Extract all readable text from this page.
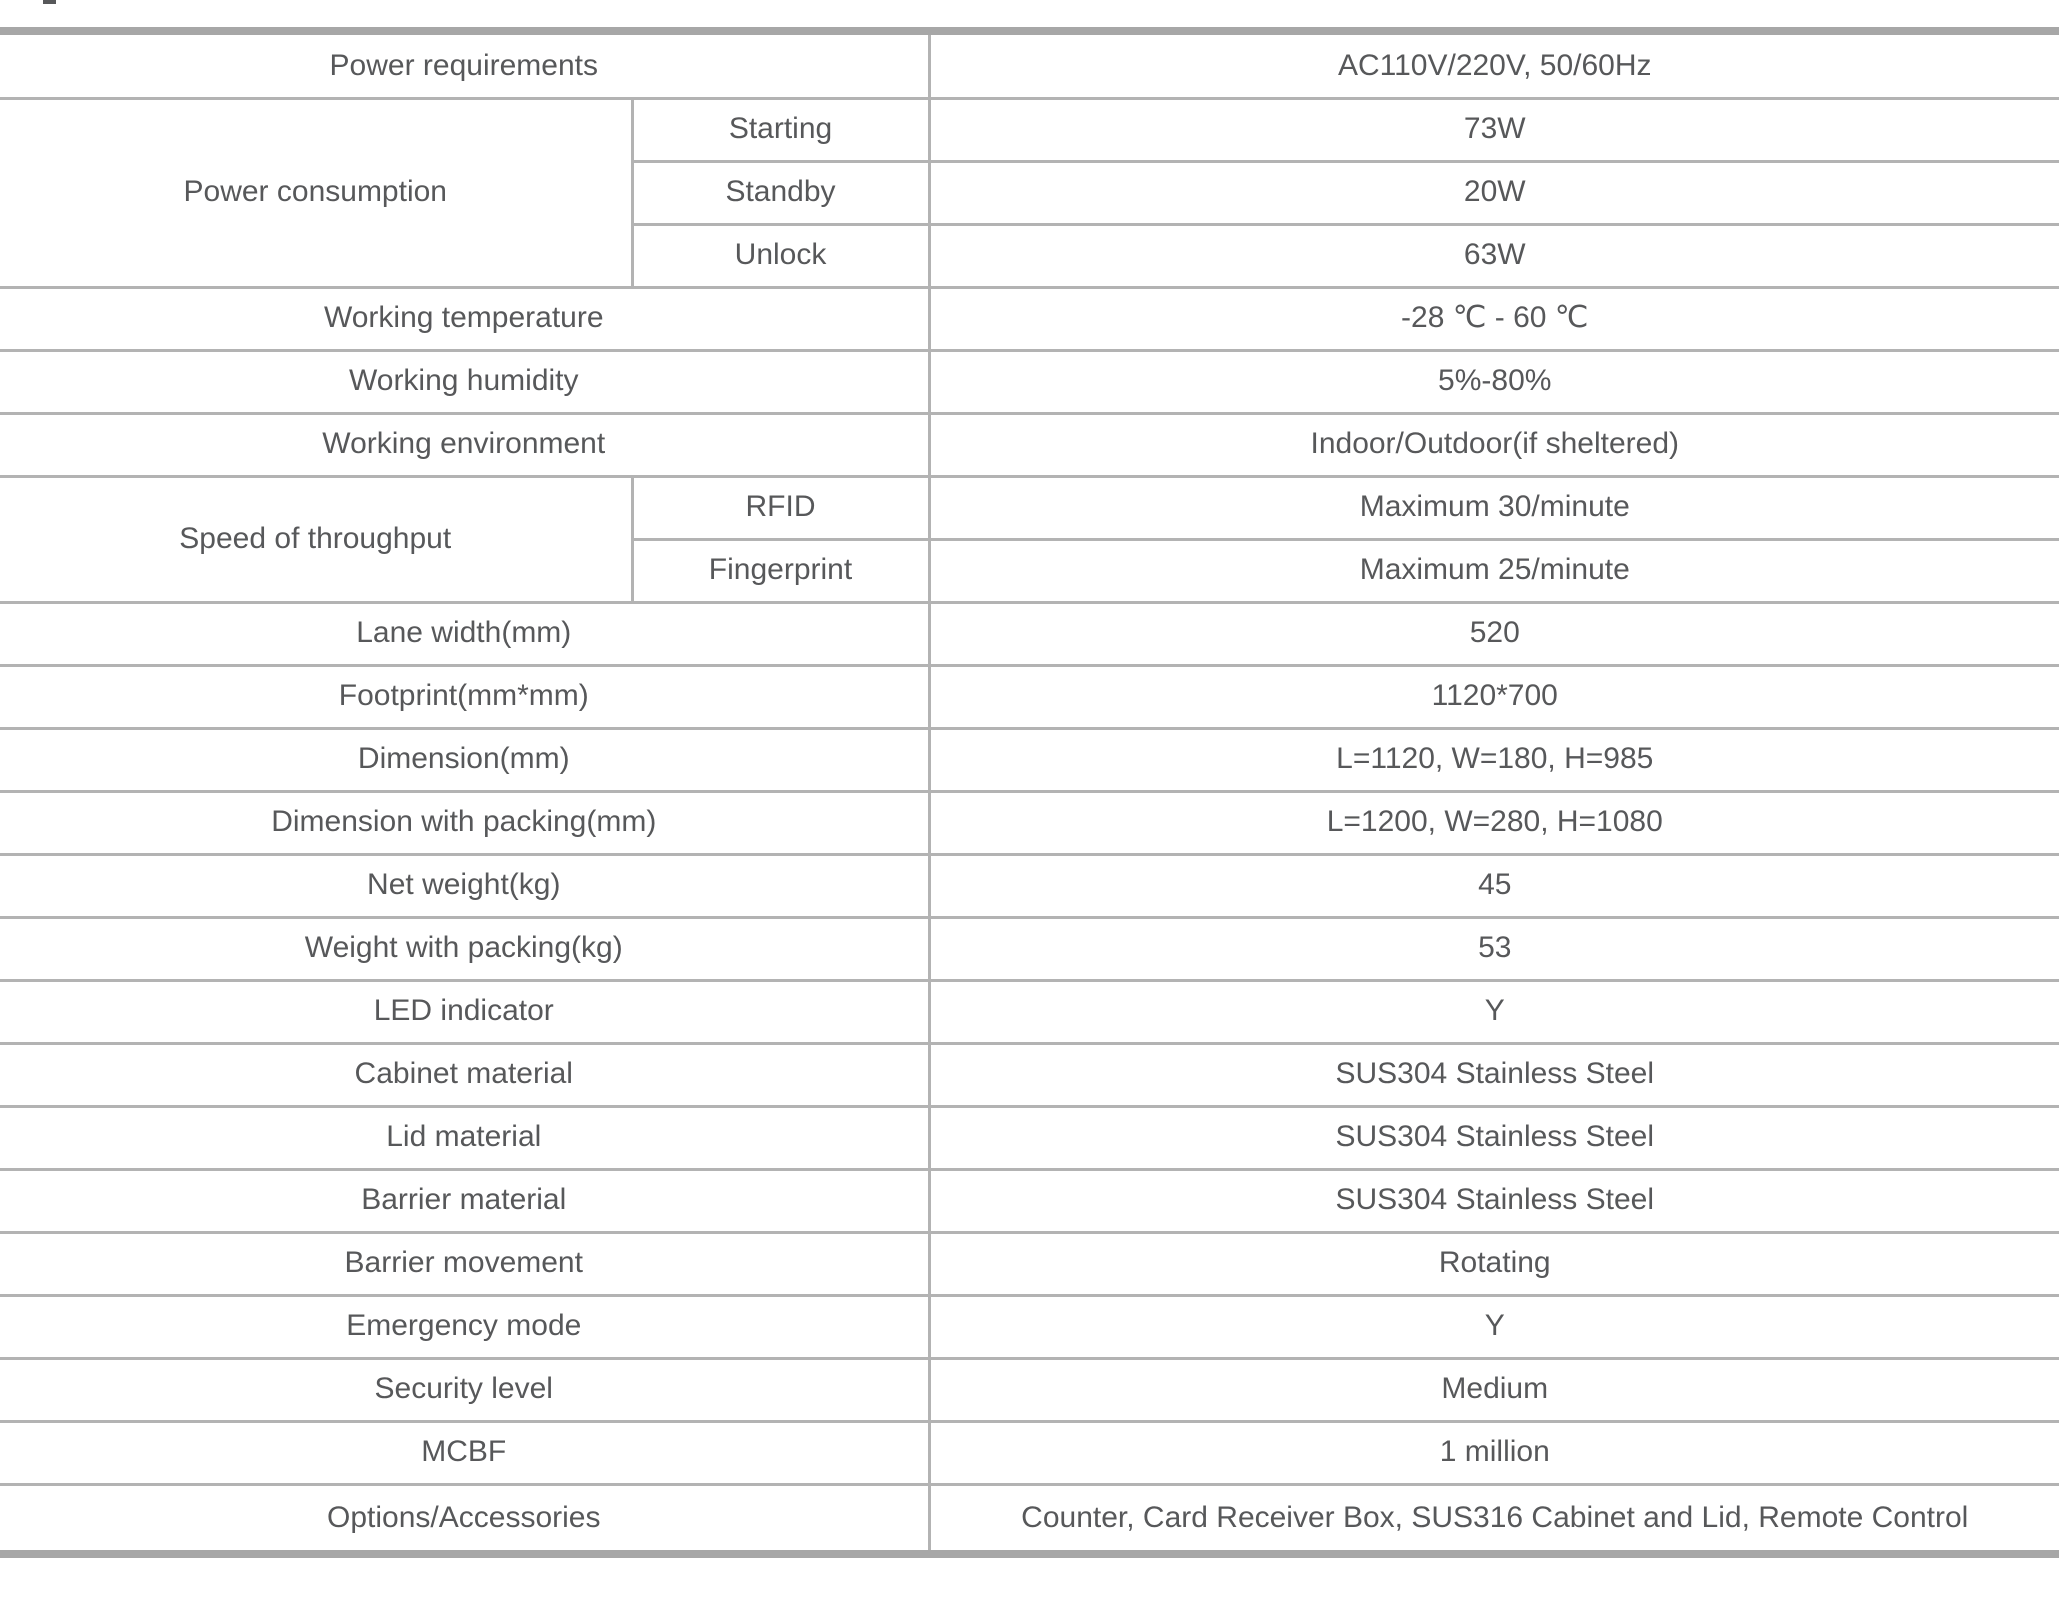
Power requirements		AC110V/220V, 50/60Hz
Power consumption	Starting	73W
	Standby	20W
	Unlock	63W
Working temperature		-28 ℃ - 60 ℃
Working humidity		5%-80%
Working environment		Indoor/Outdoor(if sheltered)
Speed of throughput	RFID	Maximum 30/minute
	Fingerprint	Maximum 25/minute
Lane width(mm)		520
Footprint(mm*mm)		1120*700
Dimension(mm)		L=1120, W=180, H=985
Dimension with packing(mm)		L=1200, W=280, H=1080
Net weight(kg)		45
Weight with packing(kg)		53
LED indicator		Y
Cabinet material		SUS304 Stainless Steel
Lid material		SUS304 Stainless Steel
Barrier material		SUS304 Stainless Steel
Barrier movement		Rotating
Emergency mode		Y
Security level		Medium
MCBF		1 million
Options/Accessories		Counter, Card Receiver Box, SUS316 Cabinet and Lid, Remote Control
